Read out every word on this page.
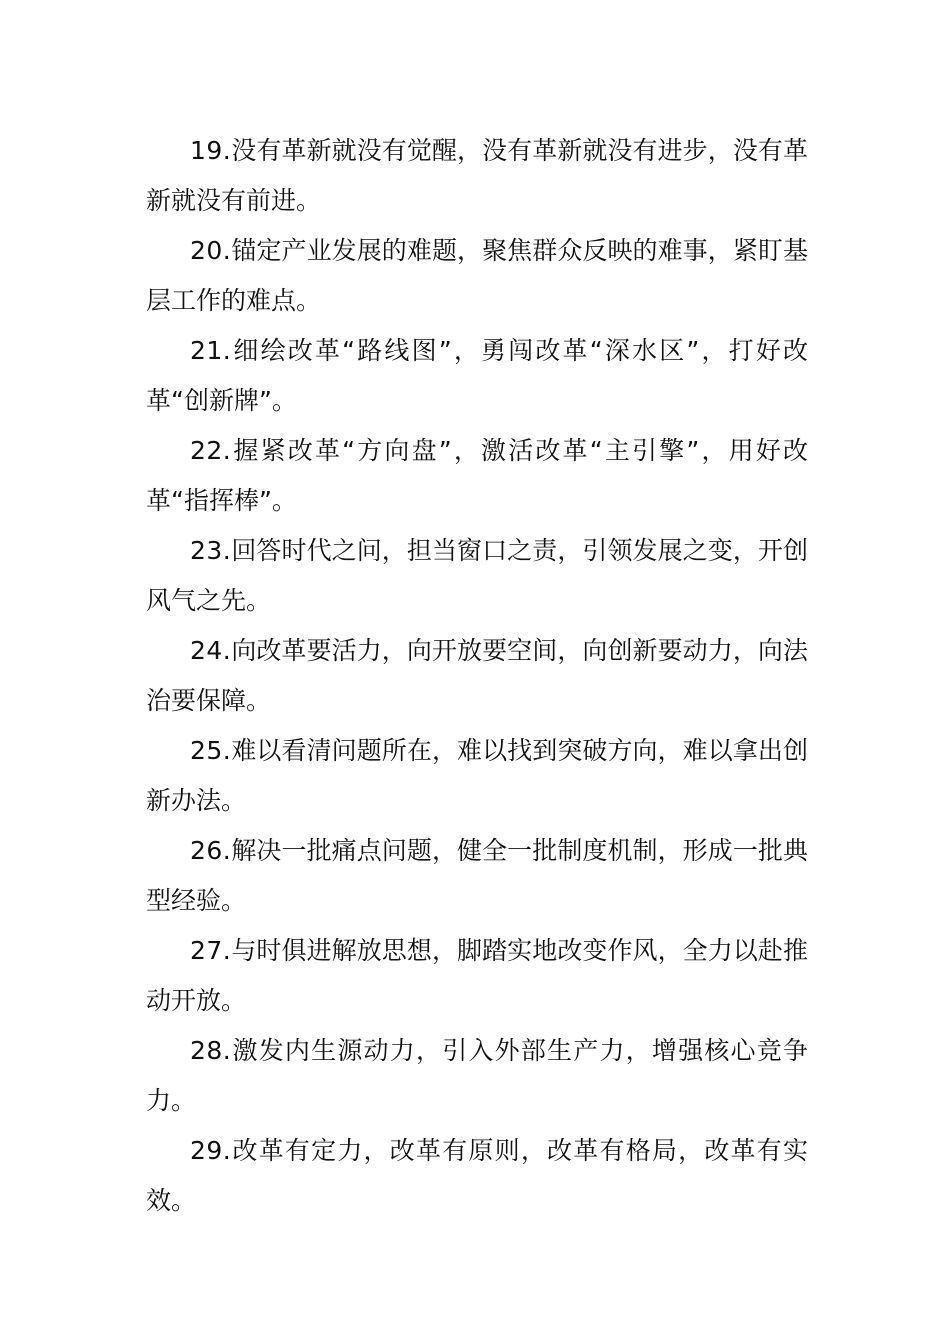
19.没有革新就没有觉醒，没有革新就没有进步，没有革新就没有前进。

20.锚定产业发展的难题，聚焦群众反映的难事，紧盯基层工作的难点。

21.细绘改革“路线图”，勇闯改革“深水区”，打好改革“创新牌”。

22.握紧改革“方向盘”，激活改革“主引擎”，用好改革“指挥棒”。

23.回答时代之问，担当窗口之责，引领发展之变，开创风气之先。

24.向改革要活力，向开放要空间，向创新要动力，向法治要保障。

25.难以看清问题所在，难以找到突破方向，难以拿出创新办法。

26.解决一批痛点问题，健全一批制度机制，形成一批典型经验。

27.与时俱进解放思想，脚踏实地改变作风，全力以赴推动开放。

28.激发内生源动力，引入外部生产力，增强核心竞争力。

29.改革有定力，改革有原则，改革有格局，改革有实效。
